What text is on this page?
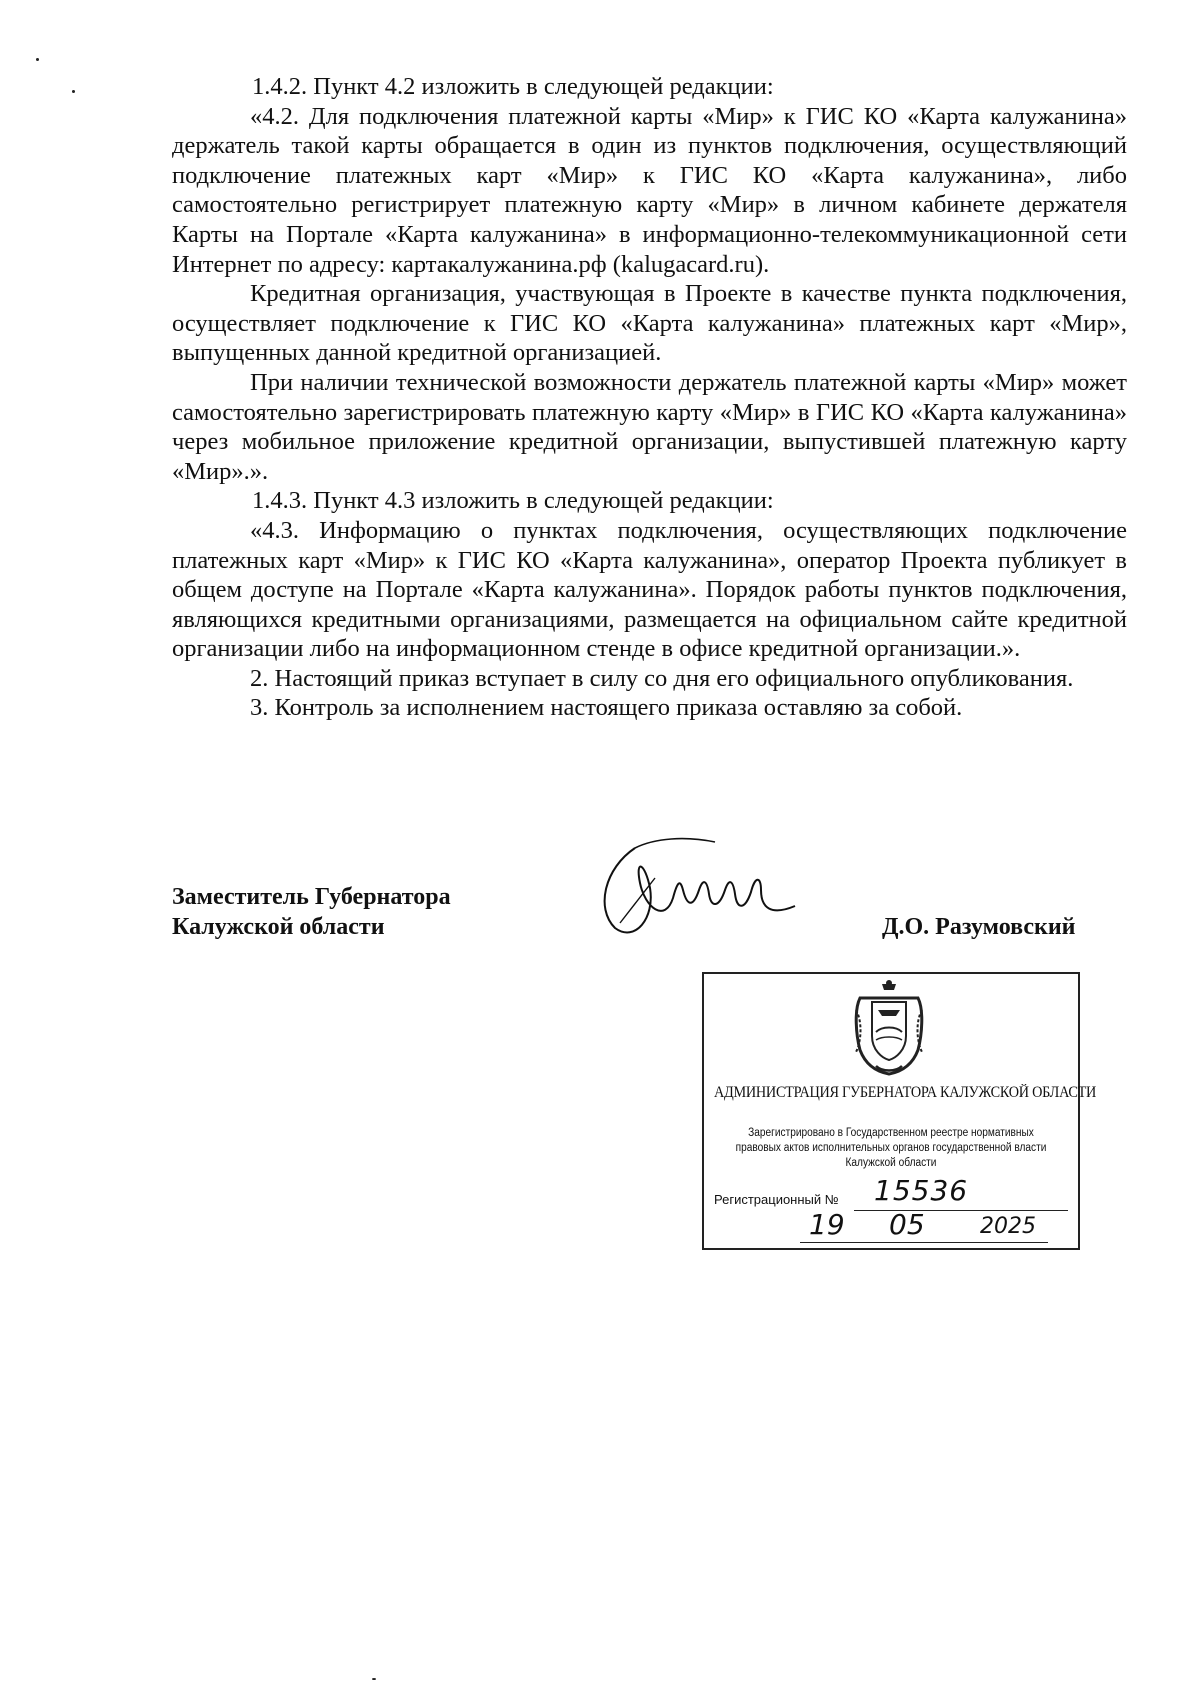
1.4.2. Пункт 4.2 изложить в следующей редакции:

«4.2. Для подключения платежной карты «Мир» к ГИС КО «Карта калужанина» держатель такой карты обращается в один из пунктов подключения, осуществляющий подключение платежных карт «Мир» к ГИС КО «Карта калужанина», либо самостоятельно регистрирует платежную карту «Мир» в личном кабинете держателя Карты на Портале «Карта калужанина» в информационно-телекоммуникационной сети Интернет по адресу: картакалужанина.рф (kalugacard.ru).

Кредитная организация, участвующая в Проекте в качестве пункта подключения, осуществляет подключение к ГИС КО «Карта калужанина» платежных карт «Мир», выпущенных данной кредитной организацией.

При наличии технической возможности держатель платежной карты «Мир» может самостоятельно зарегистрировать платежную карту «Мир» в ГИС КО «Карта калужанина» через мобильное приложение кредитной организации, выпустившей платежную карту «Мир».».

1.4.3. Пункт 4.3 изложить в следующей редакции:

«4.3. Информацию о пунктах подключения, осуществляющих подключение платежных карт «Мир» к ГИС КО «Карта калужанина», оператор Проекта публикует в общем доступе на Портале «Карта калужанина». Порядок работы пунктов подключения, являющихся кредитными организациями, размещается на официальном сайте кредитной организации либо на информационном стенде в офисе кредитной организации.».

2. Настоящий приказ вступает в силу со дня его официального опубликования.

3. Контроль за исполнением настоящего приказа оставляю за собой.

Заместитель Губернатора
Калужской области	Д.О. Разумовский
АДМИНИСТРАЦИЯ ГУБЕРНАТОРА КАЛУЖСКОЙ ОБЛАСТИ
Зарегистрировано в Государственном реестре нормативных
правовых актов исполнительных органов государственной власти
Калужской области
Регистрационный № 15536
19 05	2025
